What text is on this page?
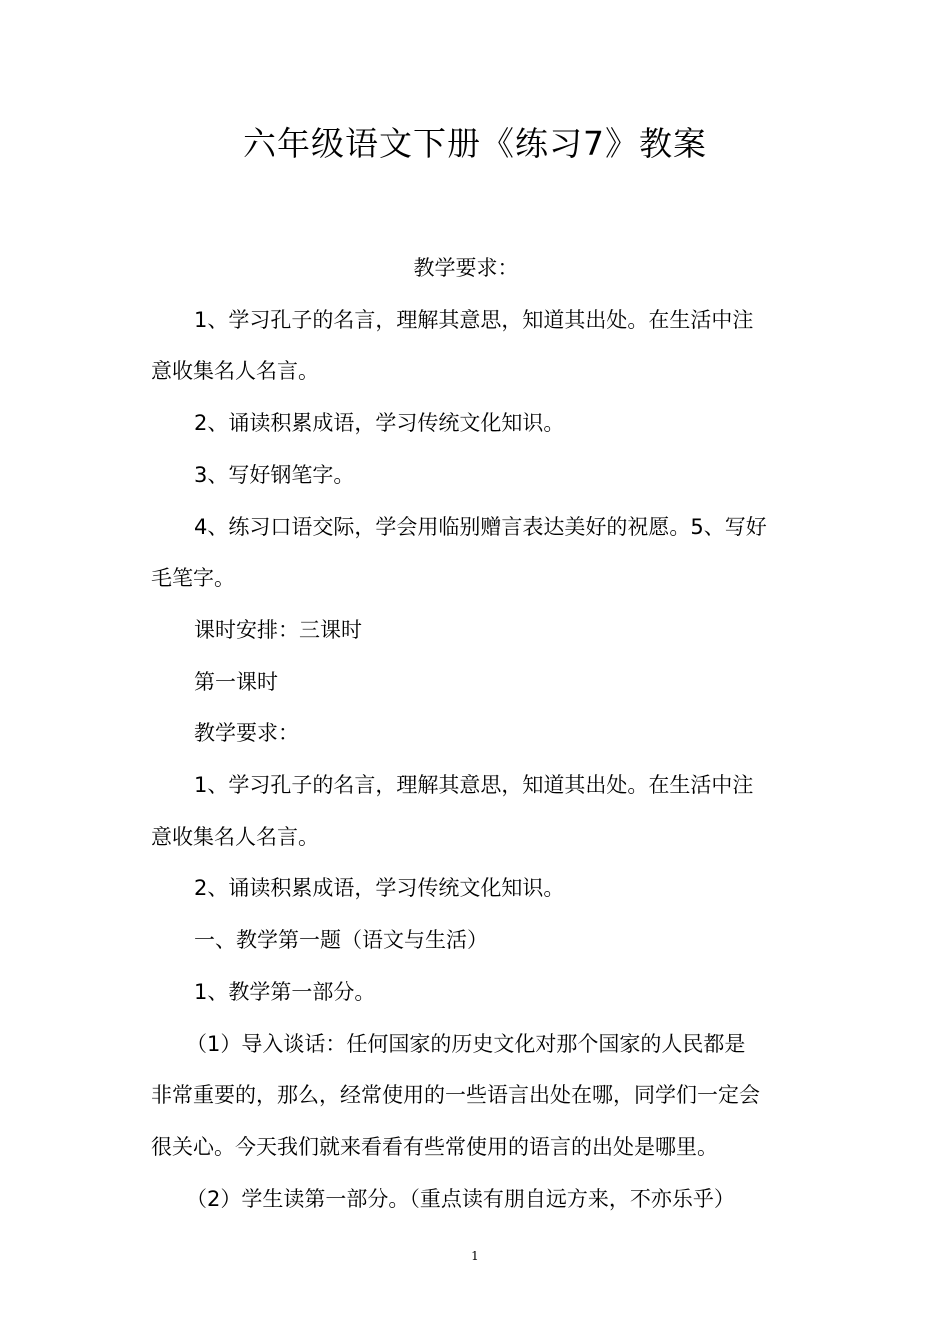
六年级语文下册《练习7》教案

教学要求：

1、学习孔子的名言，理解其意思，知道其出处。在生活中注

意收集名人名言。

2、诵读积累成语，学习传统文化知识。

3、写好钢笔字。

4、练习口语交际，学会用临别赠言表达美好的祝愿。5、写好

毛笔字。

课时安排：三课时

第一课时

教学要求：

1、学习孔子的名言，理解其意思，知道其出处。在生活中注

意收集名人名言。

2、诵读积累成语，学习传统文化知识。

一、教学第一题（语文与生活）

1、教学第一部分。

（1）导入谈话：任何国家的历史文化对那个国家的人民都是

非常重要的，那么，经常使用的一些语言出处在哪，同学们一定会

很关心。今天我们就来看看有些常使用的语言的出处是哪里。

（2）学生读第一部分。（重点读有朋自远方来，不亦乐乎）

1
